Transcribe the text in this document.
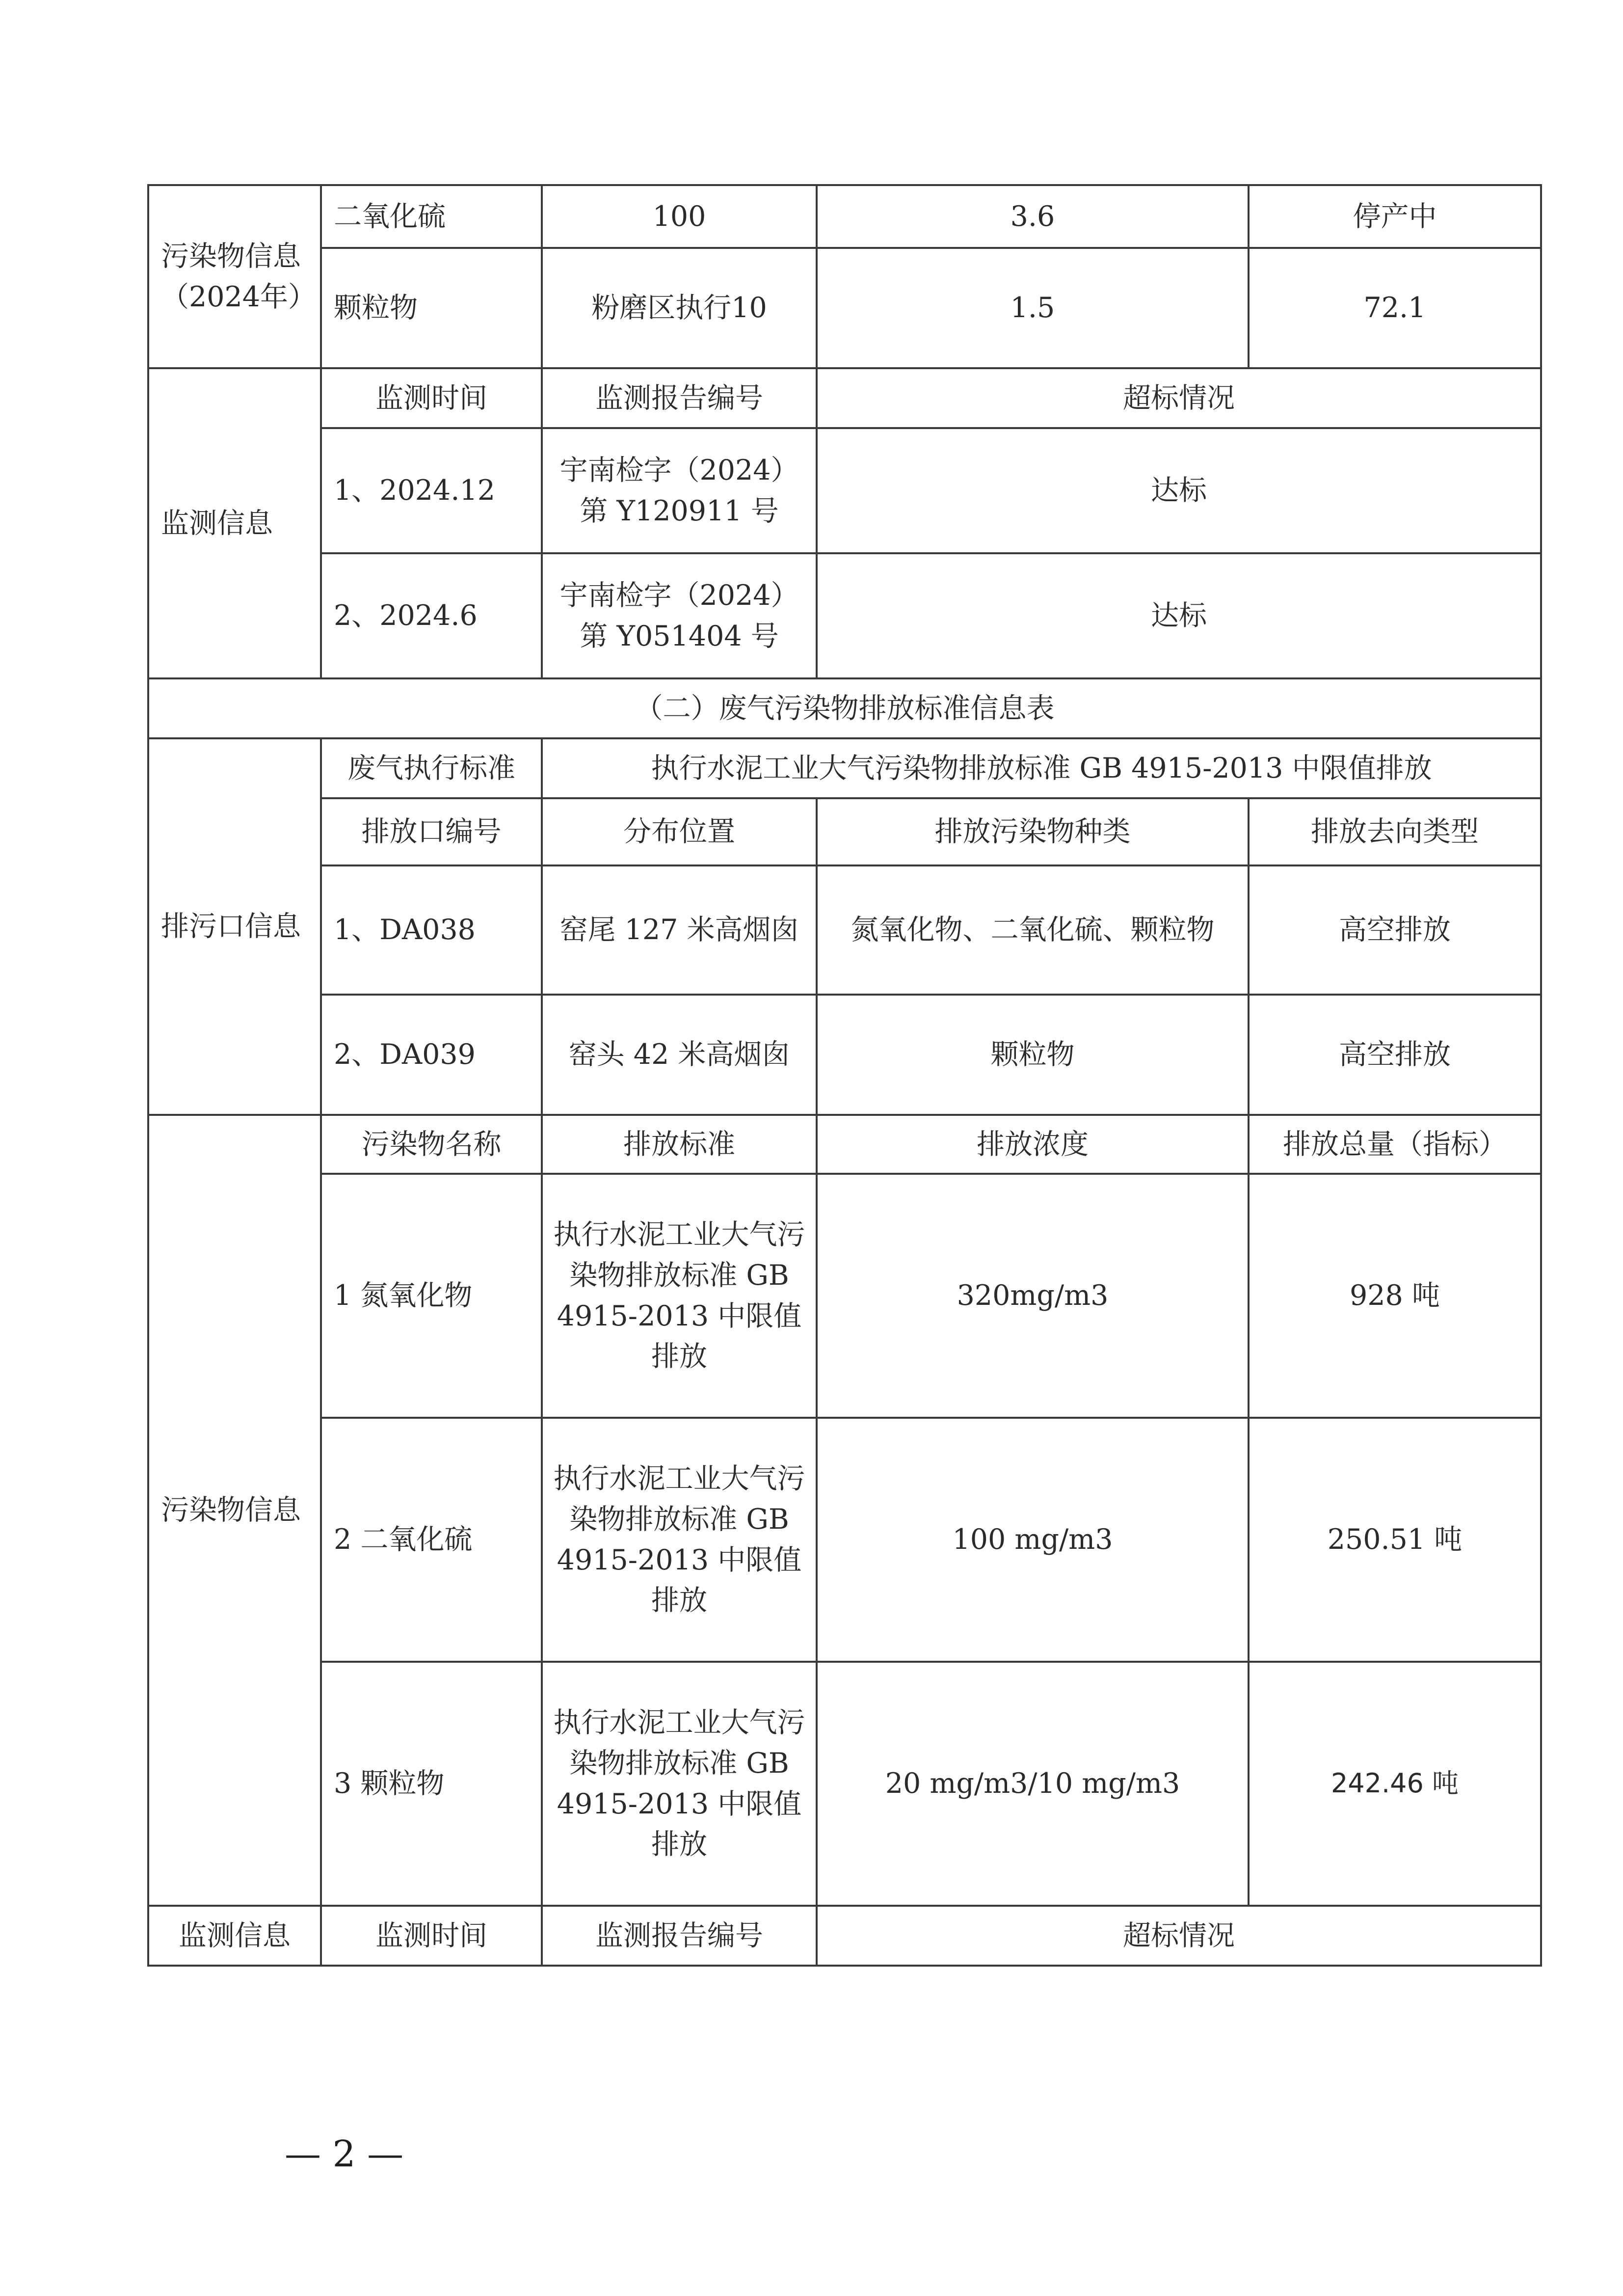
污染物信息（2024年）	二氧化硫	100	3.6	停产中
	颗粒物	粉磨区执行10	1.5	72.1
监测信息	监测时间	监测报告编号	超标情况	
	1、2024.12	宇南检字（2024）第 Y120911 号	达标	
	2、2024.6	宇南检字（2024）第 Y051404 号	达标	
（二）废气污染物排放标准信息表				
排污口信息	废气执行标准	执行水泥工业大气污染物排放标准 GB 4915-2013 中限值排放		
	排放口编号	分布位置	排放污染物种类	排放去向类型
	1、DA038	窑尾 127 米高烟囱	氮氧化物、二氧化硫、颗粒物	高空排放
	2、DA039	窑头 42 米高烟囱	颗粒物	高空排放
污染物信息	污染物名称	排放标准	排放浓度	排放总量（指标）
	1 氮氧化物	执行水泥工业大气污染物排放标准 GB 4915-2013 中限值排放	320mg/m3	928 吨
	2 二氧化硫	执行水泥工业大气污染物排放标准 GB 4915-2013 中限值排放	100 mg/m3	250.51 吨
	3 颗粒物	执行水泥工业大气污染物排放标准 GB 4915-2013 中限值排放	20 mg/m3/10 mg/m3	242.46 吨
监测信息	监测时间	监测报告编号	超标情况	
— 2 —
